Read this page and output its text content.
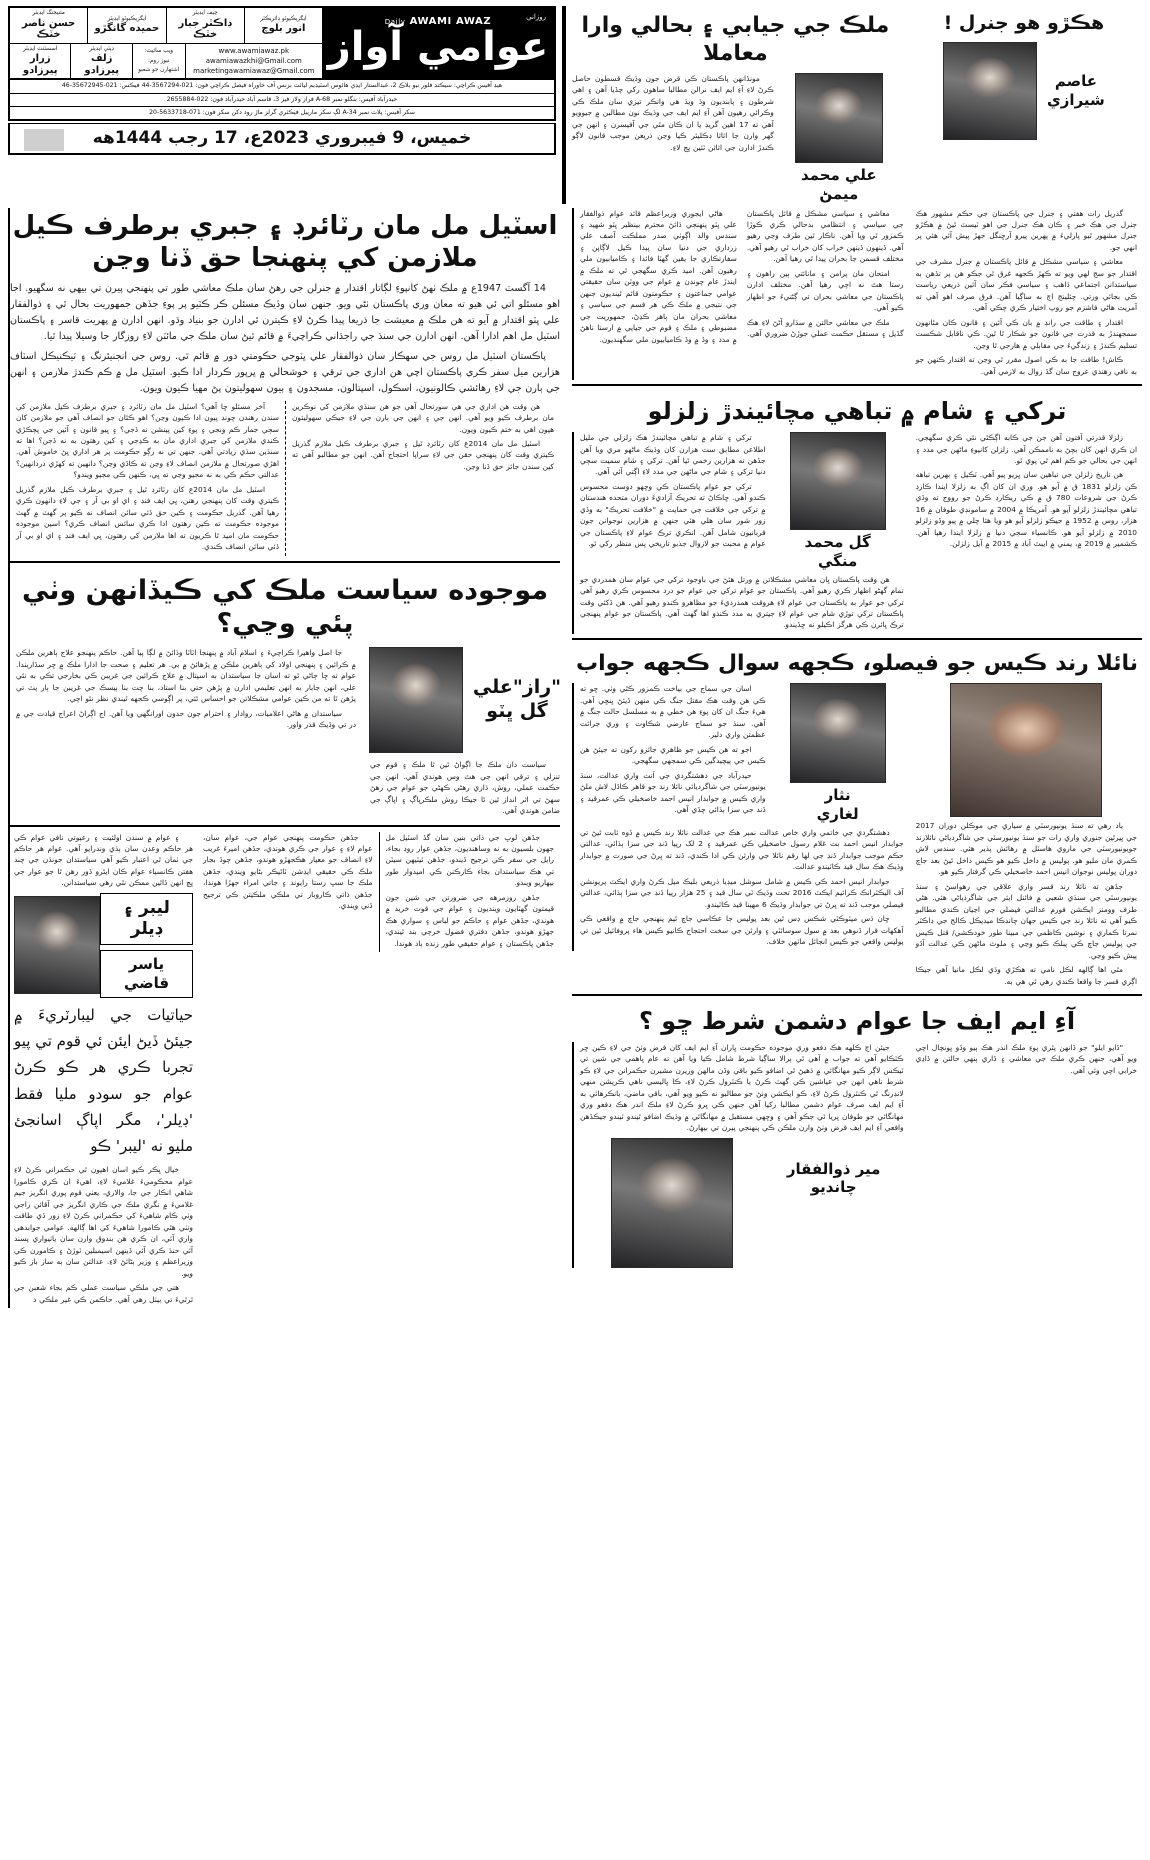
هڪڙو هو جنرل !
عاصم
شيرازي
ملڪ جي جيابي ۽ بحالي وارا معاملا
علي محمد
ميمڻ

مونڏانهن پاڪستان ڪي قرض جون وڌيڪ قسطون حاصل ڪرڻ لاءِ آءِ ايم ايف نرالن مطالبا ساهون رکي چڏيا آهن ۽ اهي شرطون ۽ پابنديون وڌ ويڌ هي وانڪر تيزي سان ملڪ ڪي وڪرائي رهيون آهن آءِ ايم ايف جي وڌيڪ نون مطالبن ۾ جيوويو آهي ته 17 اهين گريڊ يا ان ڪان مٿي جي آفيسرن ۽ انهن جي گهر وارن جا اثاثا ڊڪليئر ڪيا وڃن ذريعن موجب قانون لاڳو ڪندڙ ادارن جي اثاثن ٽئين ڀڄ لاءِ.

روزاني
Daily AWAMI AWAZ
عوامي آواز
ايگزيڪيوٽو ڊائريڪٽر
انور بلوچ
چيف ايڊيٽر
ڊاڪٽر جبار خٽڪ
ايگزيڪيوٽو ايڊيٽر
حميده گانگڙو
مئنيجنگ ايڊيٽر
حسن ناصر خٽڪ
www.awamiawaz.pk
awamiawazkhi@Gmail.com
marketingawamiawaz@Gmail.com
ويب سائيٽ:
نيوز روم:
اشتهارن جو شعبو
ڊپٽي ايڊيٽر
زلف پيرزادو
اسسٽنٽ ايڊيٽر
زرار پيرزادو
هيڊ آفيس ڪراچي: سيڪنڊ فلور نيو بلاڪ 2، عبدالستار ايڊي هائوس اسٽيڊيم ليائت بزنس آف خاوراه فيصل ڪراچي فون: 021-3567294-44 فيڪس: 021-35672945-46
حيدرآباد آفيس: بنگلو نمبر A-68 فراز ولاز فيز 3، قاسم آباد حيدرآباد فون: 022-2655884
سکر آفيس: پلاٽ نمبر A-34 لڳ سکر مارييل فيڪٽري گرلز ماڙ رود دکن سکر فون: 071-5633718-20
خميس، 9 فيبروري 2023ع، 17 رجب 1444هه

گذريل رات هفتي ۽ جنرل جي پاڪستان جي حڪم مشهور هڪ جنرل جي هڪ خبر ۽ ڪان هڪ جنرل جي اهو ٽيسٽ ٿيڻ ۾ هڪڙو جنرل مشهور ٿيو پارليءَ ۾ پهرين پيرو آرڇنگل جهڙ پيش آئي هئي پر انهي جو.

معاشي ۽ سياسي مشڪل ۾ قائل پاڪستان ۾ جنرل مشرف جي اقتدار جو سج لهي ويو ته ڪهڙ ڪجهه غرق ٿي جڪو هن پر تڏهن به سياستدانن اجتماعي ڌاهب ۽ سياسي فڪر سان آئين ذريعي رياست ڪي بجائي ورتي. چئلينج اڄ به ساڳيا آهن. فرق صرف اهو آهي ته آمريت هاڻي فاشزم جو روپ اختيار ڪري چڪي آهي.

اقتدار ۽ طاقت جي رانڊ ۾ بان ڪي آئين ۽ قانون ڪان مٿانهون سمجهندڙ به قدرت جي قانون جو شڪار ٿا ٿين. ڪي ناقابل شڪست تسليم ڪندڙ ۽ زندگيءَ جي مقابلي ۾ هارجي ٿا وڃن.

ڪاش! طاقت جا به ڪي اصول مقرر ٿي وڃن ته اقتدار ڪنهن جو به نافي رهندي عروج سان گڏ زوال به لازمي آهي.

معاشي ۽ سياسي مشڪل ۾ قائل پاڪستان جي سياسي ۽ انتظامي بدحالي ڪري ڪوڙا ڪمزور ٿي ويا آهن. ناڪار ٿين طرف وڃي رهيو آهي. ڏينهون ڏينهن خراب کان خراب ٿي رهيو آهي. مختلف قسمن جا بحران پيدا ٿي رهيا آهن.

امتحان مان پرامن ۽ مانائتي ٻين راهون ۽ رستا هٿ نه اچي رهيا آهن. مختلف ادارن پاڪستان جي معاشي بحران تي ڳڻتيءَ جو اظهار ڪيو آهي.

ملڪ جي معاشي حالتن ۾ سڌارو آڻڻ لاءِ هڪ گڏيل ۽ مستقل حڪمت عملي جوڙڻ ضروري آهي.

هاڻي ايجوري وزيراعظم قائد عوام ذوالفقار علي ڀٽو پنهنجي ڌائڻ محترم بينظير ڀٽو شهيد ۽ سندس والد اڳوٺي صدر مملڪت آصف علي زرداري جي دنيا سان پيدا ڪيل لاڳاپن ۽ سفارتڪاري جا يقين گهٽا فائدا ۽ ڪاميابيون ملي رهيون آهن. اميد ڪري سگهجي ٿي ته ملڪ ۾ ايندڙ عام چونڊن ۾ عوام جي ووٽن سان حقيقتي عوامي جماعتون ۽ حڪومتون قائم ٿينديون جنهن جي نتيجي ۾ ملڪ ڪي هر قسم جي سياسي ۽ معاشي بحران مان ٻاهر ڪڍڻ، جمهوريت جي مضبوطي ۽ ملڪ ۽ قوم جي جياپي ۾ ارستا ناهڻ ۾ مدد ۽ وڏ ۾ وڏ ڪاميابيون ملي سگهنديون.

تركي ۽ شام ۾ تباهي مچائيندڙ زلزلو

زلزلا قدرتي آفتون آهن جن جي ڪابه اڳڪٿي نٿي ڪري سگهجي. ان ڪري انهن کان بچڻ به ناممڪن آهي. زلزلن کانپوءِ ماڻهن جي مدد ۽ انهن جي بحالي جو ڪم اهم ٿي پوي ٿو.

هن تاريخ زلزلن جي تباهين سان ڀريو پيو آهي. ٽڪيل ۽ بهرين تباهه ڪن زلزلو 1831 ق ۾ آيو هو. وري ان کان اڳ به زلزلا ايندا ڪارڊ ڪرڻ جي شروعات 780 ق ۾ ڪي ريڪارڊ ڪرڻ جو رووج ته وڏي تباهي مچائيندڙ زلزلو آيو هو. آمريڪا ۾ 2004 ۾ سامونڊي طوفان ۾ 16 هزار، روس ۾ 1952 ۾ جيڪو زلزلو آيو هو ويا هئا چلي ۾ پيو وڏو زلزلو 2010 ۾ زلزلو آيو هو. ڪانسياء سڄي دنيا ۾ زلزلا ايندا رهيا آهن. ڪشمير ۾ 2019 ۾، يمني ۾ ايبٽ آباد ۾ 2015 ۾ آيل زلزلن.

گل محمد
منگي

تركي ۽ شام ۾ تباهي مچائيندڙ هڪ زلزلي جي مليل اطلاعن مطابق ست هزارن کان وڌيڪ ماڻهو مري ويا آهن جڏهن ته هزارين زخمي ٿيا آهن. تركي ۽ شام سميت سڄي دنيا تركي ۽ شام جي ماڻهن جي مدد لاءِ اڳتي آئي آهي.

تركي جو عوام پاڪستان ڪي وڇهو دوست محسوس ڪندو آهي. ڇاڪاڻ ته تحريڪ آزاديءَ دوران متحده هندستان ۾ تركي جي خلافت جي حمايت ۾ "خلافت تحريڪ" به وڏي زور شور سان هلي هئي جنهن ۾ هزارين نوجوانن جون قربانيون شامل آهن. انڪري ترڪ عوام لاءِ پاڪستان جي عوام ۾ محبت جو لازوال جذبو تاريخي پس منظر رکي ٿو.

هن وقت پاڪستان ڀان معاشي مشڪلاتن ۾ ورتل هئڻ جي باوجود تركي جي عوام سان همدردي جو تمام گهڻو اظهار ڪري رهيو آهي. پاڪستان جو عوام تركي جي عوام جو درد محسوس ڪري رهيو آهي تركي جو عوار به پاڪستان جي عوام لاءِ هروقت همدرديءَ جو مظاهرو ڪندو رهيو آهي. هن ڏکئي وقت پاڪستان تركي توڙي شام جي عوام لاءِ جيتري به مدد ڪندو اها گهٽ آهي. پاڪستان جو عوام پنهنجي ترڪ ڀائرن ڪي هرگز اڪيلو نه ڇڏيندو.

نائلا رند ڪيس جو فيصلو، ڪجهه سوال ڪجهه جواب

ياد رهي ته سنڌ يونيورسٽي ۾ سياري جي موڪلن دوران 2017 جي ڀيرٿين جنوري واري رات جو سنڌ يونيورسٽي جي شاگردياڻي نائلارند جويونيورسٽي جي ماروي هاسٽل ۾ رهائش پذير هئي. سندس لاش ڪمري مان مليو هو. پوليس ۾ داخل ڪيو هو ڪيس داخل ٿيڻ بعد جاچ دوران پوليس نوجوان انيس احمد خاصخيلي ڪي گرفتار ڪيو هو.

جڏهن ته نائلا رند قسر واري علاقي جي رهواسڻ ۽ سنڌ يونيورسٽي جي سنڌي شعبي ۾ فائنل ايئر جي شاگردياڻي هئي. هڻي طرف وومنز ايڪشن فورم عدالتي فيصلي جي اڃيان ڪندي مطالبو ڪيو آهي ته نائلا رند جي ڪيس جهان چانڊڪا ميڊيڪل ڪالج جي ڊاڪٽر نمرتا ڪماري ۽ نوشين ڪاظمي جي مبينا طور خودڪشي/ قتل ڪيس جي پوليس جاچ ڪي پبلڪ ڪيو وڃي ۽ ملوث ماڻهن ڪي عدالت آڏو پيش ڪيو وڃي.

مٿي اها ڳالهه لڪل نامي ته هڪڙي وڌي لڪل مانيا آهي جيڪا اڳري قسر جا واقعا ڪندي رهي ٿي هي به.

نثار
لغاري

اسان جي سماج جي بياخت ڪمزور ڪٿي وٺي. ڇو ته ڪي هن وقت هڪ مقتل جنگ ڪي منهن ڏيئڻ ڀنڇي آهي. هيءَ جنگ ان کان پوءِ هن خطي ۾ به مسلسل حالت جنگ ۾ آهي. سنڌ جو سماج عارضي شڪاوت ۽ وري جرائت عظمتن واري دلير.

اجو ته هن ڪيس جو ظاهري جائزو رکون ته جيئڻ هن ڪيس جي پيچيدگين ڪي سمجهي سگهجي.

حيدرآباد جي دهشتگردي جي اَنت واري عدالت، سنڌ يونيورسٽي جي شاگرديائي نائلا رند جو قاهر ڪاڏل لاش ملڻ واري ڪيس ۾ جوابدار انيس احمد خاصخيلي ڪي عمرقيد ۽ ڏند جي سزا ٻڌائي چڏي آهي.

دهشتگردي جي خاتمي واري خاص عدالت نمبر هڪ جي عدالت نائلا رند ڪيس ۾ ڏوه ثابت ٿيڻ تي جوابدار انيس احمد بت غلام رسول خاصخيلي ڪي عمرقيد ۽ 2 لک رپيا ڏنڊ جي سزا ٻڌائي، عدالتي حڪم موجب جوابدار ڏنڊ جي لها رقم نائلا جي وارثن ڪي ادا ڪندي، ڏند ته ڀرڻ جي صورت ۾ جوابدار وڌيڪ هڪ سال قيد ڪاٽيندو عدالت.

جوابدار انيس احمد ڪي ڪيس ۾ شامل سوشل ميڊيا ذريعي بليڪ ميل ڪرڻ واري ايڪٽ پريونشن آف اليڪٽرانڪ ڪرائيم ايڪٽ 2016 تحت وڌيڪ ٽي سال قيد ۽ 25 هزار رپيا ڏنڊ جي سزا ٻڌائي، عدالتي فيصلي موجب ڏند ته ڀرڻ تي جوابدار وڌيڪ 6 مهينا قيد ڪاٽيندو.

ڇان ڌس ميٽوڪٽي شڪس ڊس ٿين بعد پوليس جا عڪاسي جاچ ٿيم پنهنجي جاچ ۾ واقعي ڪي آهکهات قرار ڏنوهي بعد ۾ سول سوسائٽي ۽ وارثن جي سخت احتجاج ڪانيو ڪيس هاء پروفائيل ٿين تي پوليس واقعي جو ڪيس انجائل ماٺهن خلاف.

آءِ ايم ايف جا عوام دشمن شرط ڇو ؟

"ڏايو ايلو" جو ڏانهن پٿري پوءِ ملڪ اندر هڪ ٻيو وڏو ڀونچال اچي ويو آهي، جنهن ڪري ملڪ جي معاشي ۽ ڏاري ٻنهي حالتن ۾ ڏاڍي خرابي اچي وئي آهي.

جيئن اڄ ڪلهه هڪ دفعو وري موجوده حڪومت ڀاران آءِ ايم ايف کان قرض وٺڻ جي لاءِ ڪين ڇر ڪٽڪايو آهي ته جواب ۾ آهي ٿي ٻرالا ساڳيا شرط شامل ڪيا ويا آهن ته عام ڀاهمي جي شين تي ٽيڪس لاڳر ڪيو مهانگائي ۾ ڌهيڻ ٿي اضافو ڪيو باقي وڏن مالهن وزيرن مشيرن حڪمرانن جي لاءِ ڪو شرط ناهي انهن جي عياشين ڪي گهٽ ڪرڻ يا ڪنٽرول ڪرڻ لاءِ، ڪا ڀاليسي ناهي ڪرپشن منهي لانڊرنگ ٿي ڪنٽرول ڪرڻ لاءِ، ڪو ايڪشن وٺڻ جو مطالبو نه ڪيو ويو آهي، باقي ماضي، بانڪرهائي به آءِ ايم ايف صرف عوام دشمن مطالبا رکيا آهن جنهن ڪي ڀرو ڪرڻ لاءِ ملڪ اندر هڪ دفعو وري مهانگائي جو طوفان ڀريا ٿي جڪو آهي ۽ وڇهي مستقبل ۾ مهانگائي ۾ وڌيڪ اضافو ٿيندو ٽيندو جيڪڏهن واقعي آءِ ايم ايف قرض وٺڻ وارن ملڪن ڪي پنهنجي پيرن تي بيهارڻ.

مير ذوالفقار
چانديو
اسٽيل مل مان رٽائرڊ ۽ جبري برطرف ڪيل ملازمن کي پنهنجا حق ڏنا وڃن

14 آگسٽ 1947ع ۾ ملڪ ٺهڻ کانپوءِ لڳاتار اقتدار ۾ جنرلن جي رهڻ سان ملڪ معاشي طور تي پنهنجي پيرن تي بيهي نه سگهيو. اجا اهو مسئلو اتي ئي هيو ته معان وري پاڪستان ٺڻي ويو. جنهن سان وڏيڪ مسئلن ڪر ڪٽيو پر پوءِ جڏهن جمهوريت بحال ٿي ۽ ذوالفقار علي ڀٽو اقتدار ۾ آيو ته هن ملڪ ۾ معيشت جا ذريعا پيدا ڪرڻ لاءِ ڪيترن ئي ادارن جو بنياد وڌو. انهن ادارن ۾ پهريت قاسر ۽ پاڪستان اسٽيل مل اهم ادارا آهن. انهن ادارن جي سنڌ جي راجڌاني ڪراچيءَ ۾ قائم ٿيڻ سان ملڪ جي مائٽن لاءِ روزگار جا وسيلا پيدا ٿيا.

پاڪستان اسٽيل مل روس جي سهڪار سان ذوالفقار علي ڀٽوجي حڪومتي دور ۾ قائم ٿي. روس جي انجنيئرنگ ۽ ٽيڪنيڪل اسٽاف هزارين ميل سفر ڪري پاڪستان اچي هن اداري جي ترقي ۽ خوشحالي ۾ ڀرپور ڪردار ادا ڪيو. اسٽيل مل ۾ ڪم ڪندڙ ملازمن ۽ انهن جي ٻارن جي لاءِ رهائشي ڪالونيون، اسڪول، اسپتالون، مسجدون ۽ ٻيون سهوليتون پڻ مهيا ڪيون ويون.

هن وقت هن اداري جي هي سورتحال آهي جو هن سنڌي ملازمن کي نوڪرين مان برطرف ڪيو ويو آهي. انهن جي ۽ انهن جي ٻارن جي لاءِ جيڪي سهوليتون هيون اهي به ختم ڪيون ويون.

اسٽيل مل مان 2014ع کان رٽائرڊ ٿيل ۽ جبري برطرف ڪيل ملازم گذريل ڪيتري وقت کان پنهنجي حقن جي لاءِ سراپا احتجاج آهن. انهن جو مطالبو آهي ته کين سندن جائز حق ڏنا وڃن.

آخر مسئلو ڇا آهي؟ اسٽيل مل مان رٽائرڊ ۽ جبري برطرف ڪيل ملازمن کي سندن رهندن چونڊ پيون ادا ڪيون وڃن؟ اهو ڪٿان جو انصاف آهي جو ملازمن کان سڄي جمار ڪم ونجي ۽ پوءِ کين پينشن نه ڏجي؟ ۽ ڀيو قانون ۽ آئين جي پڄڪڙي ڪندي ملازمن کي جبري اداري مان به ڪڍجي ۽ کين رهتون به نه ڏجن؟ اها ته سنڌين سڌي زيادتي آهي. جنهن تي نه رڳو حڪومت پر هر اداري ڀڻ خاموش آهي. اهڙي صورتحال ۾ ملازمن انصاف لاءِ وڃن ته ڪاڏي وڃن؟ دانهين ته کهڙي دردانهين؟ عدالتي حڪم ڪي به نه مجيو وڃي ته ڀي، ڪنهن ڪي مجيو ويندو؟

اسٽيل مل مان 2014ع کان رٽائرڊ ٿيل ۽ جبري برطرف ڪيل ملازم گذريل ڪيتري وقت کان پنهنجي رهتن، ڀي ايف فنڊ ۽ اي او بي آر ۽ جي لاءِ دانهون ڪري رهيا آهن. گذريل حڪومت ۽ ڪين حق ڏئي سائن انصاف نه ڪيو پر گهٽ ۾ گهٽ موجوده حڪومت ته ڪين رهتون ادا ڪري سائس انصاف ڪري؟ اسين موجوده حڪومت مان اميد ٿا ڪريون ته اها ملازمن کي رهتون، ڀي ايف فنڊ ۽ اي او بي آر ڏئي سائن انصاف ڪندي.

موجوده سياست ملڪ کي ڪيڏانهن وٺي پئي وڃي؟
"راز"علي
گل ڀٽو

سياست دان ملڪ جا اڳواڻ ٿين ٿا ملڪ ۽ قوم جي تنزلي ۽ ترقي انهن جي هٿ وس هوندي آهي. انهن جي حڪمت عملي، روش، ڌاري رهڻي ڪهڻي جو عوام جي رهڻ سهڻ تي اثر انداز ٿين ٿا جيڪا روش ملڪرڀاڳ ۽ اڀاڳ جي ضامن هوندي آهي.

جا اصل واهيرا ڪراچيءَ ۽ اسلام آباد ۾ پنهنجا اٽاٽا وڌائڻ ۾ لڳا پيا آهن. حاڪم پنهنجو علاج ٻاهرين ملڪن ۾ ڪرائين ۽ پنهنجي اولاد کي ٻاهرين ملڪن ۾ پڙهائڻ ۾ بي. هر تعليم ۽ صحت جا ادارا ملڪ ۾ ڇر سڏاريندا. عوام ته ڇا ڄاڻي ٿو ته اسان جا سياستدان به اسپتال ۾ علاج ڪرائين جي غريبن ڪي بخارجي تڪي به نٿي علي، انهن جابار به انهن تعليمي ادارن ۾ پڙهن حتي بنا استاد، بنا چت بنا ٻيسڪ جي غريبن جا ٻار پٽ تي پڙهن ٿا ته من ڪين عوامي مشڪلاتن جو احساس ٿئي، پر اڳوسي ڪجهه ٿيندي نظر نٿو اچي.

سياستدان ۾ هاڻي اعلاميات، روادار ۽ احترام جون حدون اورانگهي ويا آهن. اج اڳراڻ اعراج قيادت جي ۾ در تي وڏيڪ قدر واور.

جڏهن لوڀ جي ذاتي بنين سان گڏ اسٽيل مل جهون بلسيون به نه وساهنديون، جڏهن عوار روڊ بجاء، رايل جي سفر ڪي ترجيح ڏيندو، جڏهن ٽيٽيهن سيٽن تي هڪ سياستدان بجاء ڪارڪنن ڪي اميدوار طور بيهاريو ويندو.

جڏهن روزمرهه جي ضرورتن جي شين جون قيمتون گهٽايون وينديون ۽ عوام جي قوت خريد ۾ هوندي، جڏهن عوام ۽ حاڪم جو لباس ۽ سواري هڪ جهڙو هوندو، جڏهن دفتري فضول خرچي بند ٿيندي، جڏهن پاڪستان ۽ عوام حقيقي طور زنده باد هوندا.

جڏهن حڪومت پنهنجي عوام جي، عوام سان، عوام لاءِ ۽ عوار جي ڪري هوندي، جڏهن اميرءَ غريب لاءِ انصاف جو معيار هڪجهڙو هوندو، جڏهن چوڏ بجار ملڪ ڪي حقيقي ايڊشن ٽاٿيڪر بڻايو ويندي، جڏهن ملڪ جا سڀ رستا رايوند ۽ جاتي امراء جهڙا هوندا، جڏهن ذاتي ڪاروبار تي ملڪي ملڪيتن ڪي ترجيح ڏني ويندي.

۽ عوام ۾ سندن اولئيت ۽ رعيوتي نافي عوام ڪي هر حاڪم وعدن سان ٻڌي وندرايو آهي. عوام هر حاڪم جي ٺمان ٿي اعتبار ڪيو آهي سياستدان جونڌن جي چند هفتن ڪانسياء عوام ڪان ايٿرو ڏور رهن ٿا جو عوار جي ڀڄ انهن ڏاٿين ممڪن نٿي رهي سياستدانن.

ليبر ۽ ڊيلر ياسر قاضي
حياتيات جي ليبارٽريءَ ۾ جيئڻ ڏيڻ ايئن ئي قوم تي پيو تجربا ڪري هر ڪو ڪرڻ عوام جو سودو مليا فقط 'ڊيلر'، مگر اپاڳ اسانجئ مليو نه 'ليبر' ڪو

خيال ڀڪر ڪيو اسان اهيون ٿي حڪمراني ڪرڻ لاءِ عوام محڪوميءَ غلاميءَ لاءِ، اهيءَ ان ڪري ڪامورا شاهي انڪار جي جا، والاري، يعني قوم پوري انگريز جيم غلاميءَ ۾ نگري ملڪ جي ڪاري انگريز جي آقائن راجي وٺي ڪام شاهيءَ کي حڪمراني ڪرڻ لاءِ زور ڏي طاقت ونٺي هٿي ڪامورا شاهيءَ کي اها ڳالهه. عوامي جوابدهي واري آئي، ان ڪري هن بندوق وارن سان ياٺيواري پسند آئي حنڌ ڪري آئي ڏينهن اسيمبلين ٽوڙڻ ۽ ڪامورن ڪي وزيراعظم ۽ وزير بڻائڻ لاءِ. عدالتن سان به ساز باز ڪيو ويو.

هتي جي ملڪي سياست عملي ڪم بجاء شعبن جي ٿرٿيءَ تي بيٺل رهي آهي. حاڪمن ڪي غير ملڪي د
